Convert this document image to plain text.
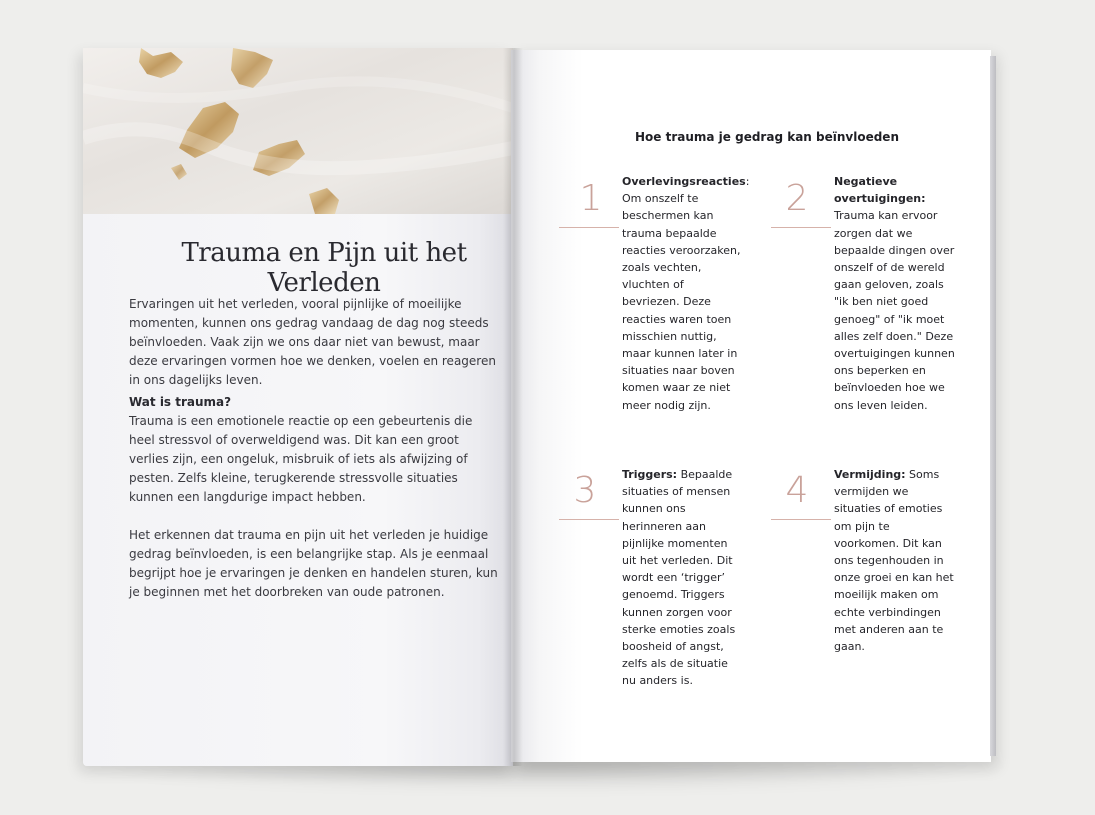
Trauma en Pijn uit het Verleden
Ervaringen uit het verleden, vooral pijnlijke of moeilijke momenten, kunnen ons gedrag vandaag de dag nog steeds beïnvloeden. Vaak zijn we ons daar niet van bewust, maar deze ervaringen vormen hoe we denken, voelen en reageren in ons dagelijks leven.
Wat is trauma?
Trauma is een emotionele reactie op een gebeurtenis die heel stressvol of overweldigend was. Dit kan een groot verlies zijn, een ongeluk, misbruik of iets als afwijzing of pesten. Zelfs kleine, terugkerende stressvolle situaties kunnen een langdurige impact hebben.
Het erkennen dat trauma en pijn uit het verleden je huidige gedrag beïnvloeden, is een belangrijke stap. Als je eenmaal begrijpt hoe je ervaringen je denken en handelen sturen, kun je beginnen met het doorbreken van oude patronen.
Hoe trauma je gedrag kan beïnvloeden
1	Overlevingsreacties: Om onszelf te beschermen kan trauma bepaalde reacties veroorzaken, zoals vechten, vluchten of bevriezen. Deze reacties waren toen misschien nuttig, maar kunnen later in situaties naar boven komen waar ze niet meer nodig zijn.
2	Negatieve overtuigingen: Trauma kan ervoor zorgen dat we bepaalde dingen over onszelf of de wereld gaan geloven, zoals "ik ben niet goed genoeg" of "ik moet alles zelf doen." Deze overtuigingen kunnen ons beperken en beïnvloeden hoe we ons leven leiden.
3	Triggers: Bepaalde situaties of mensen kunnen ons herinneren aan pijnlijke momenten uit het verleden. Dit wordt een ‘trigger’ genoemd. Triggers kunnen zorgen voor sterke emoties zoals boosheid of angst, zelfs als de situatie nu anders is.
4	Vermijding: Soms vermijden we situaties of emoties om pijn te voorkomen. Dit kan ons tegenhouden in onze groei en kan het moeilijk maken om echte verbindingen met anderen aan te gaan.
